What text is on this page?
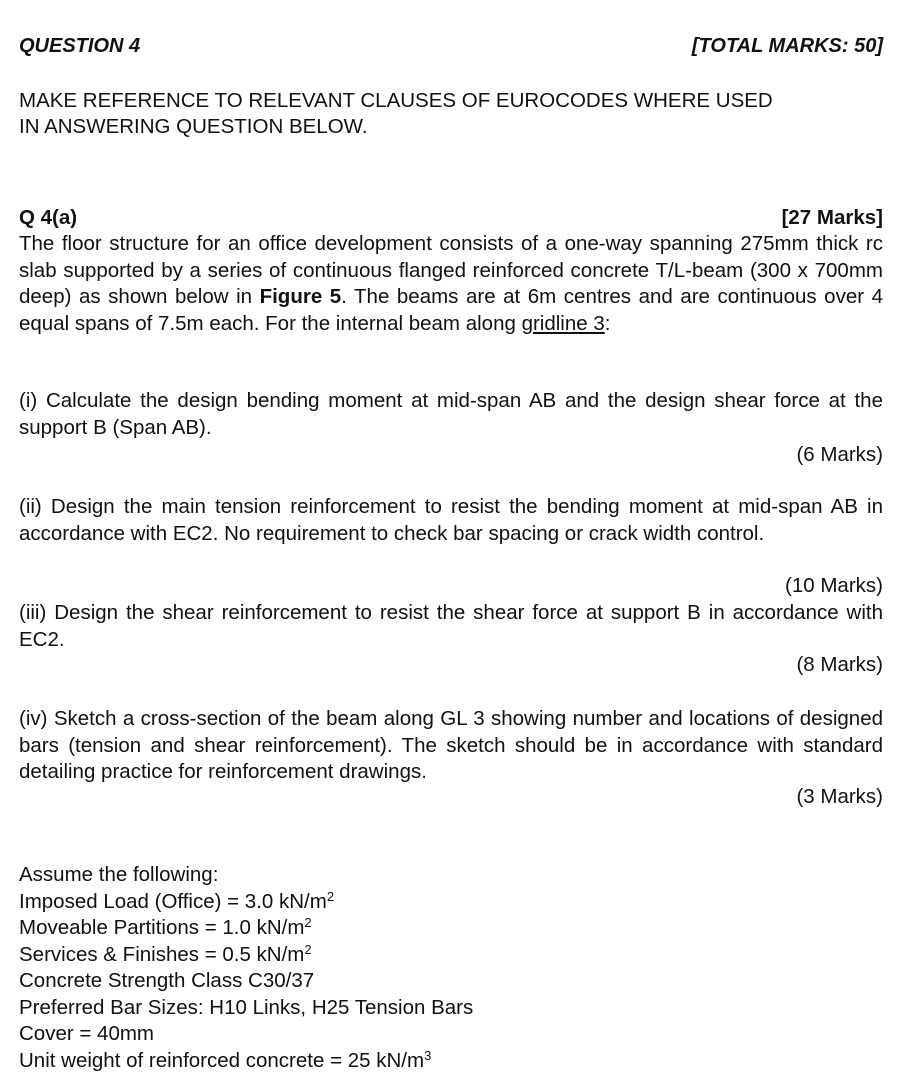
QUESTION 4	[TOTAL MARKS: 50]
MAKE REFERENCE TO RELEVANT CLAUSES OF EUROCODES WHERE USED
IN ANSWERING QUESTION BELOW.
Q 4(a)	[27 Marks]
The floor structure for an office development consists of a one-way spanning 275mm thick rc slab supported by a series of continuous flanged reinforced concrete T/L-beam (300 x 700mm deep) as shown below in Figure 5. The beams are at 6m centres and are continuous over 4 equal spans of 7.5m each. For the internal beam along gridline 3:
(i) Calculate the design bending moment at mid-span AB and the design shear force at the support B (Span AB).
(6 Marks)
(ii) Design the main tension reinforcement to resist the bending moment at mid-span AB in accordance with EC2. No requirement to check bar spacing or crack width control.
(10 Marks)
(iii) Design the shear reinforcement to resist the shear force at support B in accordance with EC2.
(8 Marks)
(iv) Sketch a cross-section of the beam along GL 3 showing number and locations of designed bars (tension and shear reinforcement). The sketch should be in accordance with standard detailing practice for reinforcement drawings.
(3 Marks)
Assume the following:
Imposed Load (Office) = 3.0 $kN/m^2$
Moveable Partitions = 1.0 $kN/m^2$
Services & Finishes = 0.5 $kN/m^2$
Concrete Strength Class C30/37
Preferred Bar Sizes: H10 Links, H25 Tension Bars
Cover = 40mm
Unit weight of reinforced concrete = 25 $kN/m^3$
